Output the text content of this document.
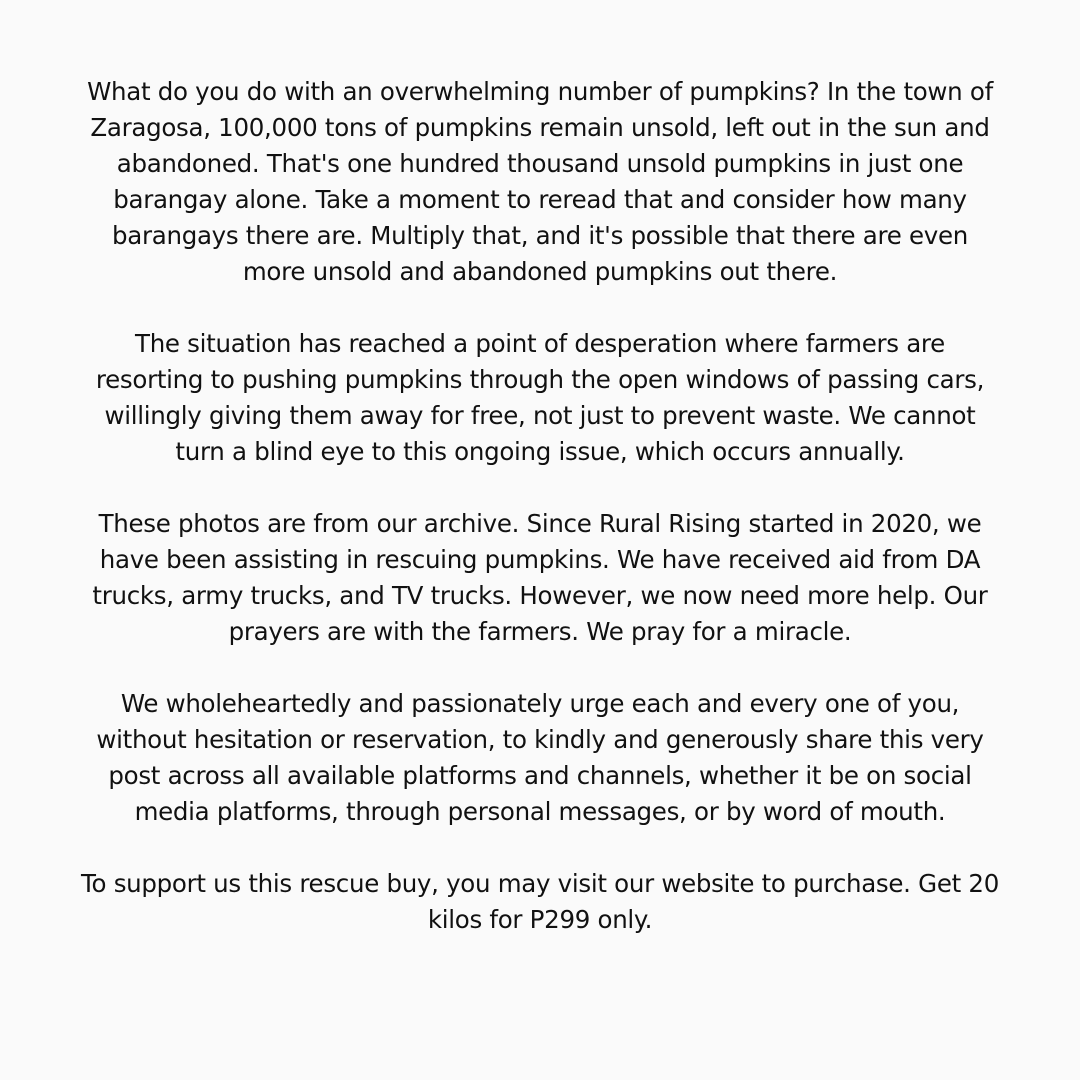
What do you do with an overwhelming number of pumpkins? In the town of Zaragosa, 100,000 tons of pumpkins remain unsold, left out in the sun and abandoned. That's one hundred thousand unsold pumpkins in just one barangay alone. Take a moment to reread that and consider how many barangays there are. Multiply that, and it's possible that there are even more unsold and abandoned pumpkins out there.

The situation has reached a point of desperation where farmers are resorting to pushing pumpkins through the open windows of passing cars, willingly giving them away for free, not just to prevent waste. We cannot turn a blind eye to this ongoing issue, which occurs annually.

These photos are from our archive. Since Rural Rising started in 2020, we have been assisting in rescuing pumpkins. We have received aid from DA trucks, army trucks, and TV trucks. However, we now need more help. Our prayers are with the farmers. We pray for a miracle.

We wholeheartedly and passionately urge each and every one of you, without hesitation or reservation, to kindly and generously share this very post across all available platforms and channels, whether it be on social media platforms, through personal messages, or by word of mouth.

To support us this rescue buy, you may visit our website to purchase. Get 20 kilos for P299 only.
